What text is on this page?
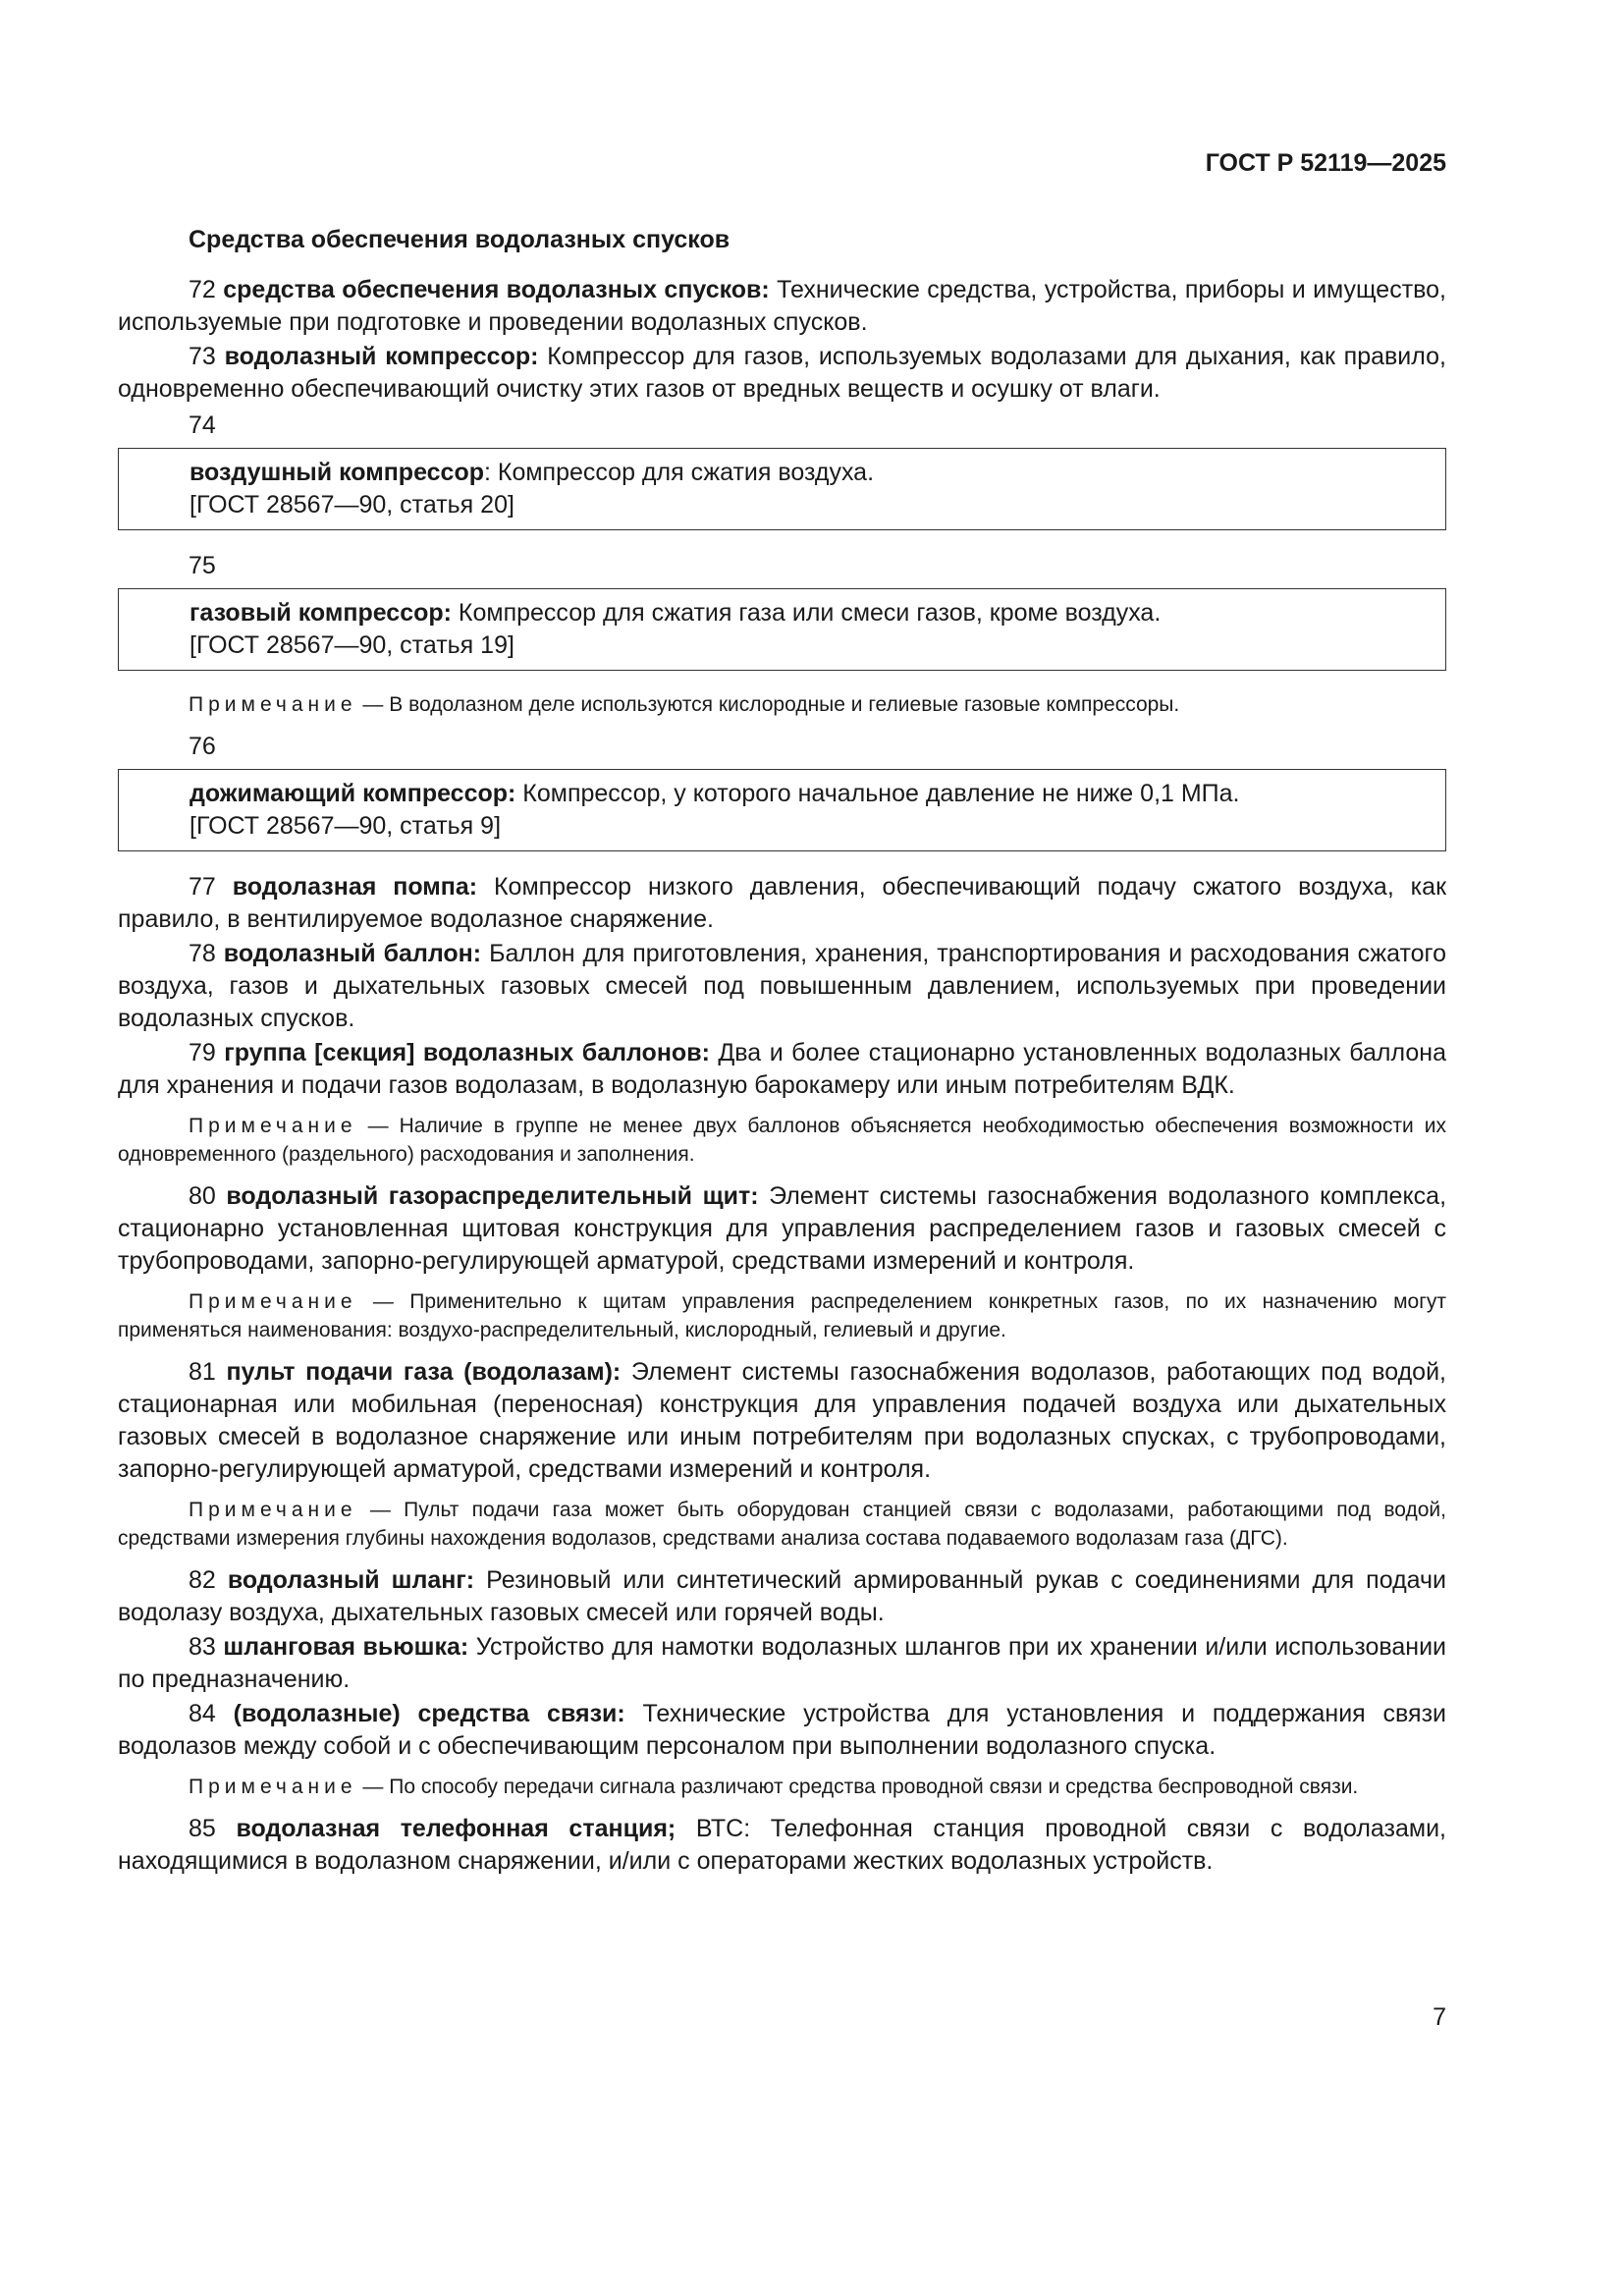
ГОСТ Р 52119—2025
Средства обеспечения водолазных спусков

72 средства обеспечения водолазных спусков: Технические средства, устройства, приборы и имущество, используемые при подготовке и проведении водолазных спусков.

73 водолазный компрессор: Компрессор для газов, используемых водолазами для дыхания, как правило, одновременно обеспечивающий очистку этих газов от вредных веществ и осушку от влаги.

74

воздушный компрессор: Компрессор для сжатия воздуха.

[ГОСТ 28567—90, статья 20]

75

газовый компрессор: Компрессор для сжатия газа или смеси газов, кроме воздуха.

[ГОСТ 28567—90, статья 19]

Примечание — В водолазном деле используются кислородные и гелиевые газовые компрессоры.

76

дожимающий компрессор: Компрессор, у которого начальное давление не ниже 0,1 МПа.

[ГОСТ 28567—90, статья 9]

77 водолазная помпа: Компрессор низкого давления, обеспечивающий подачу сжатого воздуха, как правило, в вентилируемое водолазное снаряжение.

78 водолазный баллон: Баллон для приготовления, хранения, транспортирования и расходования сжатого воздуха, газов и дыхательных газовых смесей под повышенным давлением, используемых при проведении водолазных спусков.

79 группа [секция] водолазных баллонов: Два и более стационарно установленных водолазных баллона для хранения и подачи газов водолазам, в водолазную барокамеру или иным потребителям ВДК.

Примечание — Наличие в группе не менее двух баллонов объясняется необходимостью обеспечения возможности их одновременного (раздельного) расходования и заполнения.

80 водолазный газораспределительный щит: Элемент системы газоснабжения водолазного комплекса, стационарно установленная щитовая конструкция для управления распределением газов и газовых смесей с трубопроводами, запорно-регулирующей арматурой, средствами измерений и контроля.

Примечание — Применительно к щитам управления распределением конкретных газов, по их назначению могут применяться наименования: воздухо-распределительный, кислородный, гелиевый и другие.

81 пульт подачи газа (водолазам): Элемент системы газоснабжения водолазов, работающих под водой, стационарная или мобильная (переносная) конструкция для управления подачей воздуха или дыхательных газовых смесей в водолазное снаряжение или иным потребителям при водолазных спусках, с трубопроводами, запорно-регулирующей арматурой, средствами измерений и контроля.

Примечание — Пульт подачи газа может быть оборудован станцией связи с водолазами, работающими под водой, средствами измерения глубины нахождения водолазов, средствами анализа состава подаваемого водолазам газа (ДГС).

82 водолазный шланг: Резиновый или синтетический армированный рукав с соединениями для подачи водолазу воздуха, дыхательных газовых смесей или горячей воды.

83 шланговая вьюшка: Устройство для намотки водолазных шлангов при их хранении и/или использовании по предназначению.

84 (водолазные) средства связи: Технические устройства для установления и поддержания связи водолазов между собой и с обеспечивающим персоналом при выполнении водолазного спуска.

Примечание — По способу передачи сигнала различают средства проводной связи и средства беспроводной связи.

85 водолазная телефонная станция; ВТС: Телефонная станция проводной связи с водолазами, находящимися в водолазном снаряжении, и/или с операторами жестких водолазных устройств.

7
